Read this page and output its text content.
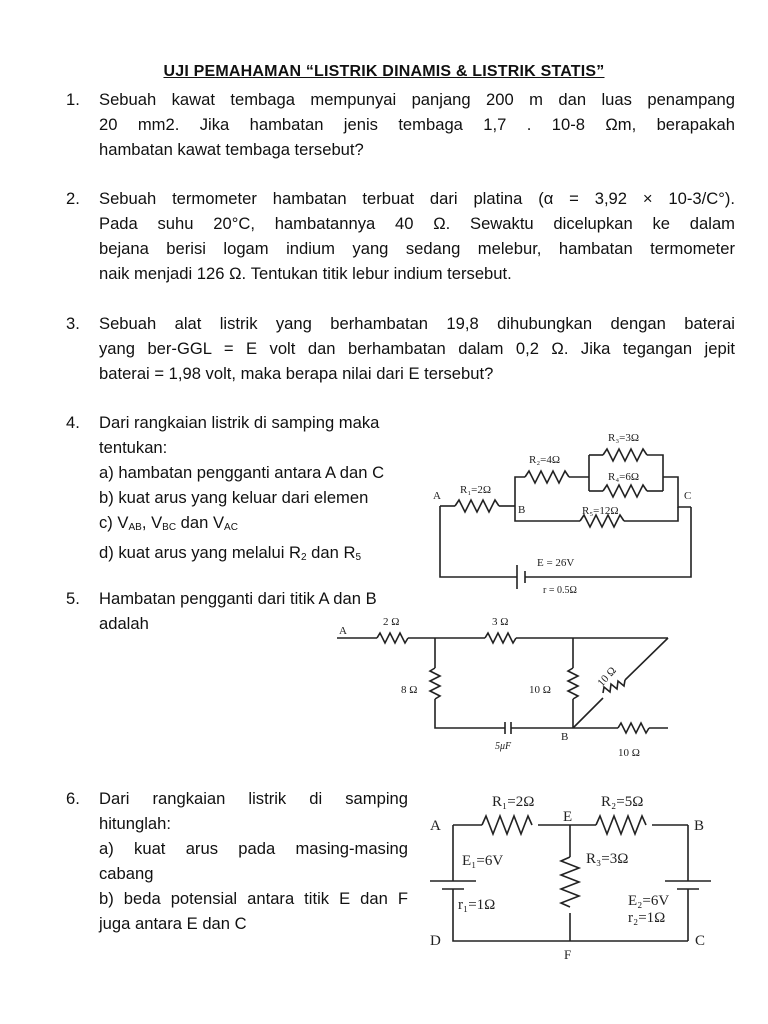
UJI PEMAHAMAN “LISTRIK DINAMIS & LISTRIK STATIS”
1. Sebuah kawat tembaga mempunyai panjang 200 m dan luas penampang
20 mm2. Jika hambatan jenis tembaga 1,7 . 10-8 Ωm, berapakah
hambatan kawat tembaga tersebut?
2. Sebuah termometer hambatan terbuat dari platina (α = 3,92 × 10-3/C°).
Pada suhu 20°C, hambatannya 40 Ω. Sewaktu dicelupkan ke dalam
bejana berisi logam indium yang sedang melebur, hambatan termometer
naik menjadi 126 Ω. Tentukan titik lebur indium tersebut.
3. Sebuah alat listrik yang berhambatan 19,8 dihubungkan dengan baterai
yang ber-GGL = E volt dan berhambatan dalam 0,2 Ω. Jika tegangan jepit
baterai = 1,98 volt, maka berapa nilai dari E tersebut?
4. Dari rangkaian listrik di samping maka
tentukan:
a) hambatan pengganti antara A dan C
b) kuat arus yang keluar dari elemen
c) $V_{AB}$, $V_{BC}$ dan $V_{AC}$
d) kuat arus yang melalui $R_2$ dan $R_5$
R₁=2Ω
R₂=4Ω
R₃=3Ω
R₄=6Ω
R₅=12Ω
A
B
C
E = 26V
r = 0.5Ω
5. Hambatan pengganti dari titik A dan B
adalah	A
2 Ω	3 Ω
8 Ω	10 Ω
10 Ω
10 Ω
5μF
B
6. Dari rangkaian listrik di samping
hitunglah:
a) kuat arus pada masing-masing
cabang
b) beda potensial antara titik E dan F
juga antara E dan C
R₁=2Ω	R₂=5Ω
E
R₃=3Ω
E₁=6V
r₁=1Ω	E₂=6V
r₂=1Ω
A	B
C
D
F
